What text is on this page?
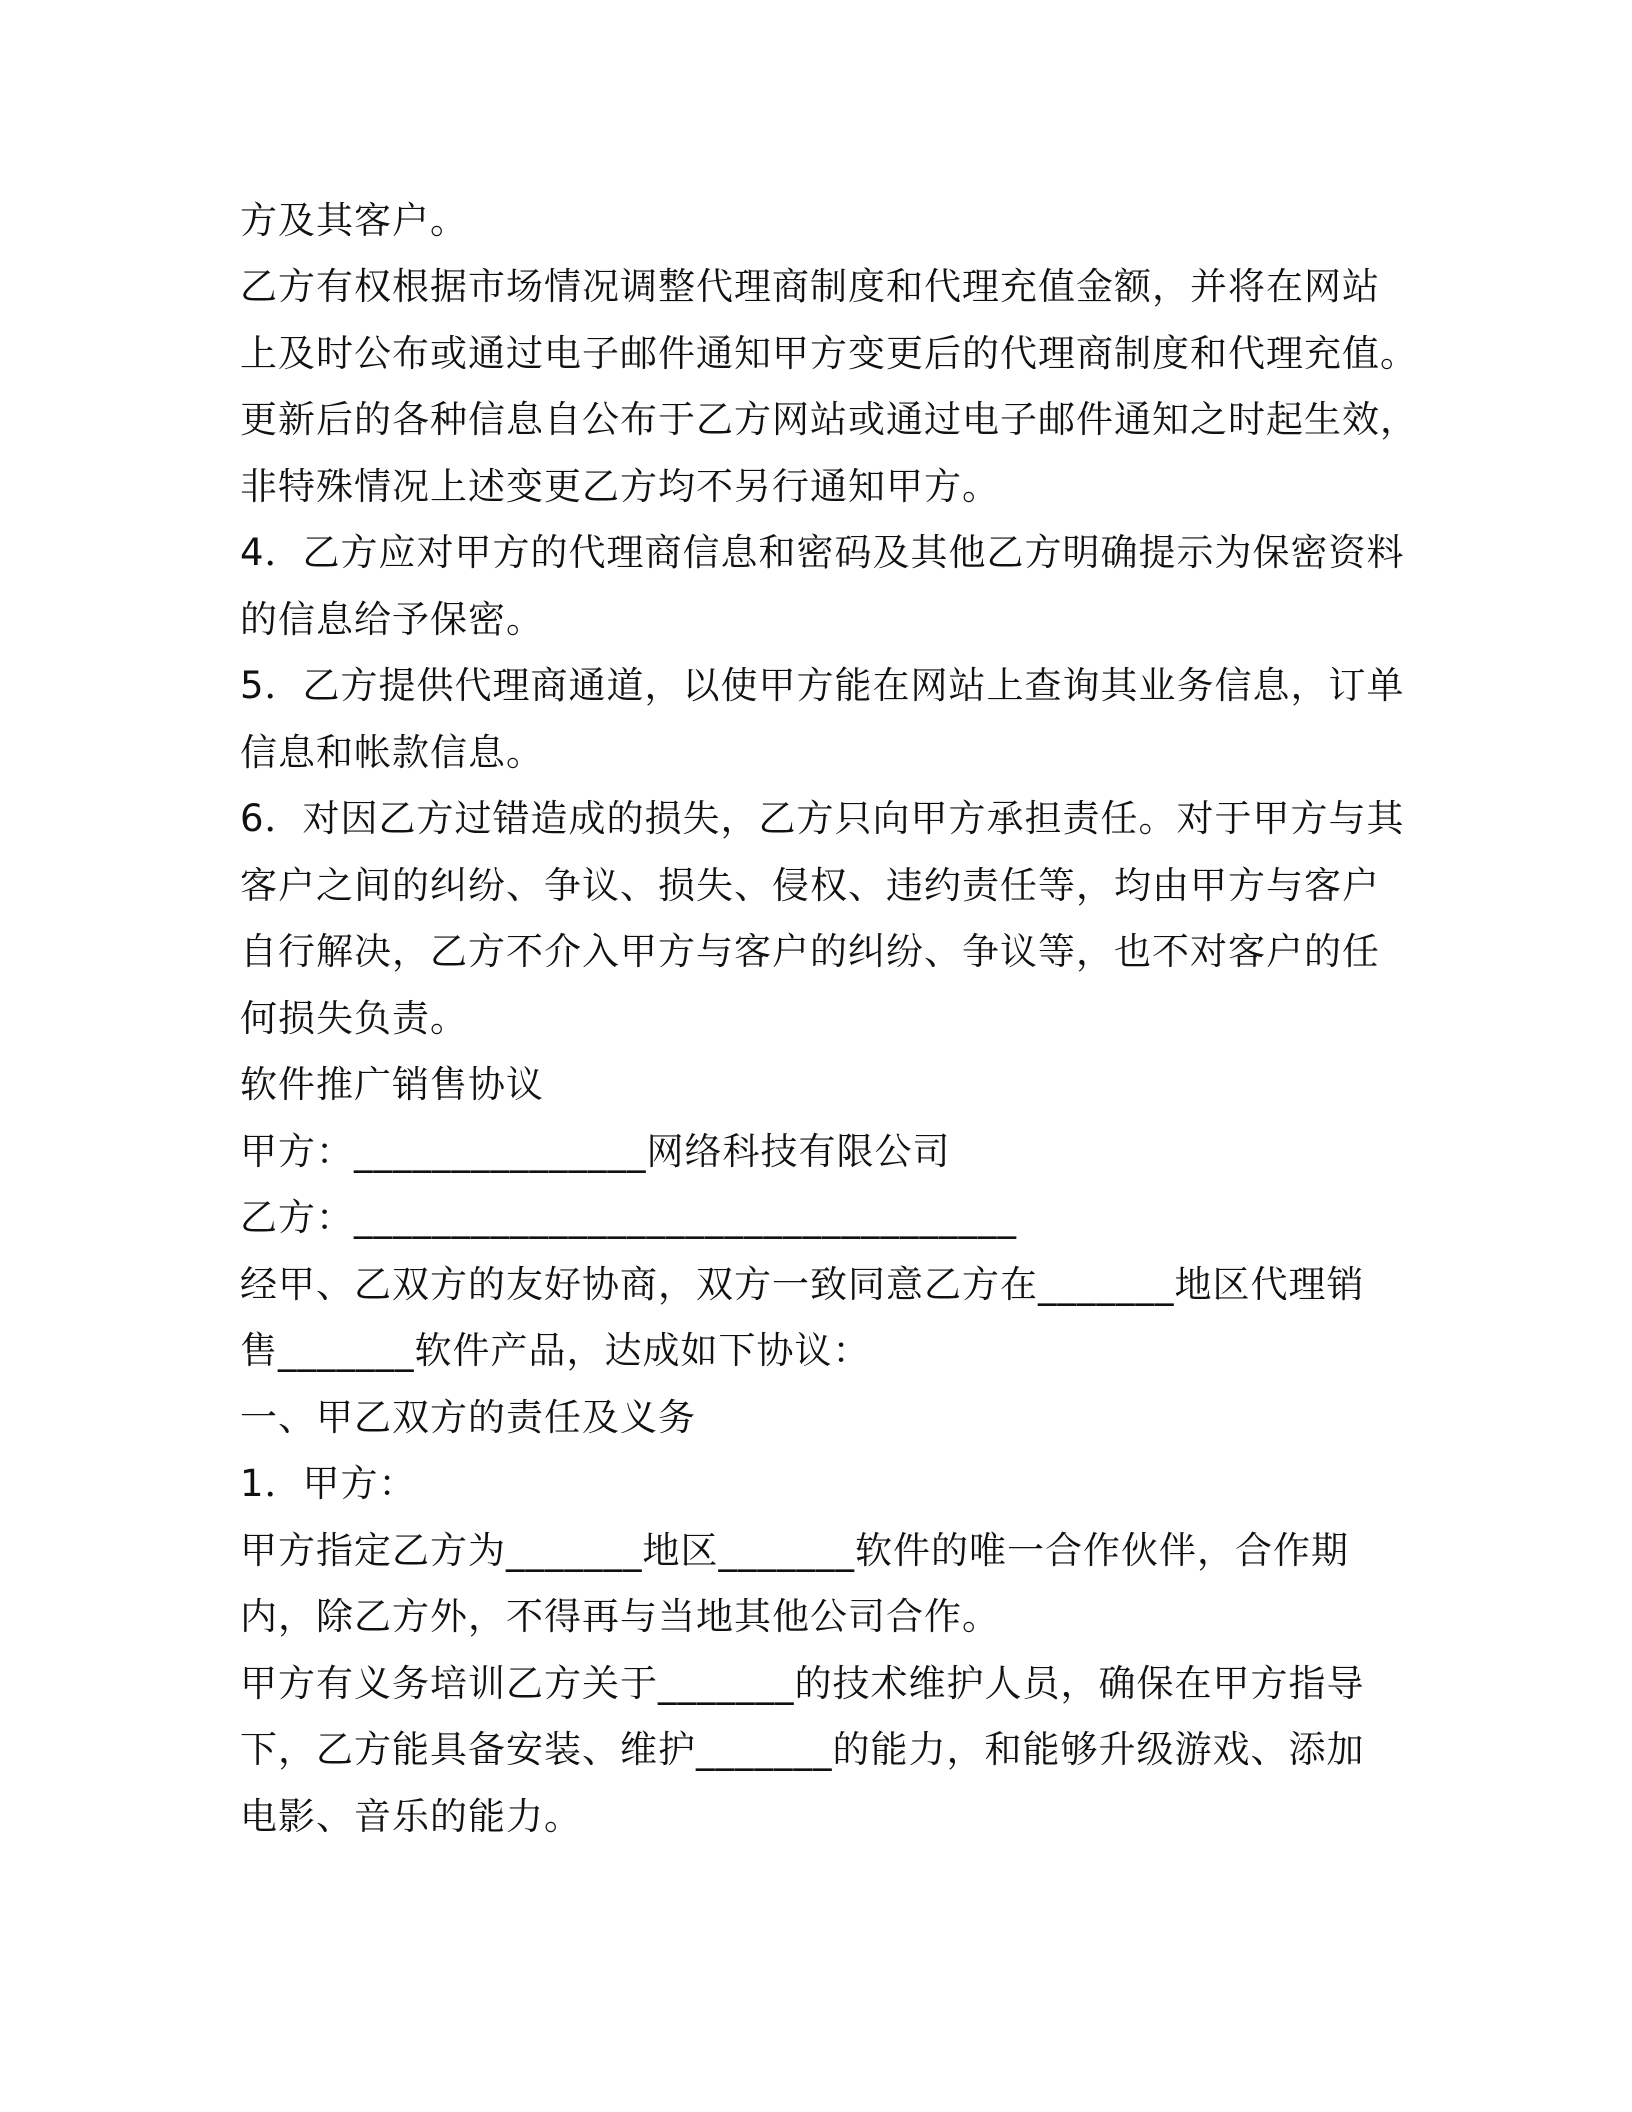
方及其客户。
乙方有权根据市场情况调整代理商制度和代理充值金额，并将在网站
上及时公布或通过电子邮件通知甲方变更后的代理商制度和代理充值。
更新后的各种信息自公布于乙方网站或通过电子邮件通知之时起生效，
非特殊情况上述变更乙方均不另行通知甲方。
4．乙方应对甲方的代理商信息和密码及其他乙方明确提示为保密资料
的信息给予保密。
5．乙方提供代理商通道，以使甲方能在网站上查询其业务信息，订单
信息和帐款信息。
6．对因乙方过错造成的损失，乙方只向甲方承担责任。对于甲方与其
客户之间的纠纷、争议、损失、侵权、违约责任等，均由甲方与客户
自行解决，乙方不介入甲方与客户的纠纷、争议等，也不对客户的任
何损失负责。
软件推广销售协议
甲方：_______________网络科技有限公司
乙方：__________________________________
经甲、乙双方的友好协商，双方一致同意乙方在_______地区代理销
售_______软件产品，达成如下协议：
一、甲乙双方的责任及义务
1．甲方：
甲方指定乙方为_______地区_______软件的唯一合作伙伴，合作期
内，除乙方外，不得再与当地其他公司合作。
甲方有义务培训乙方关于_______的技术维护人员，确保在甲方指导
下，乙方能具备安装、维护_______的能力，和能够升级游戏、添加
电影、音乐的能力。
